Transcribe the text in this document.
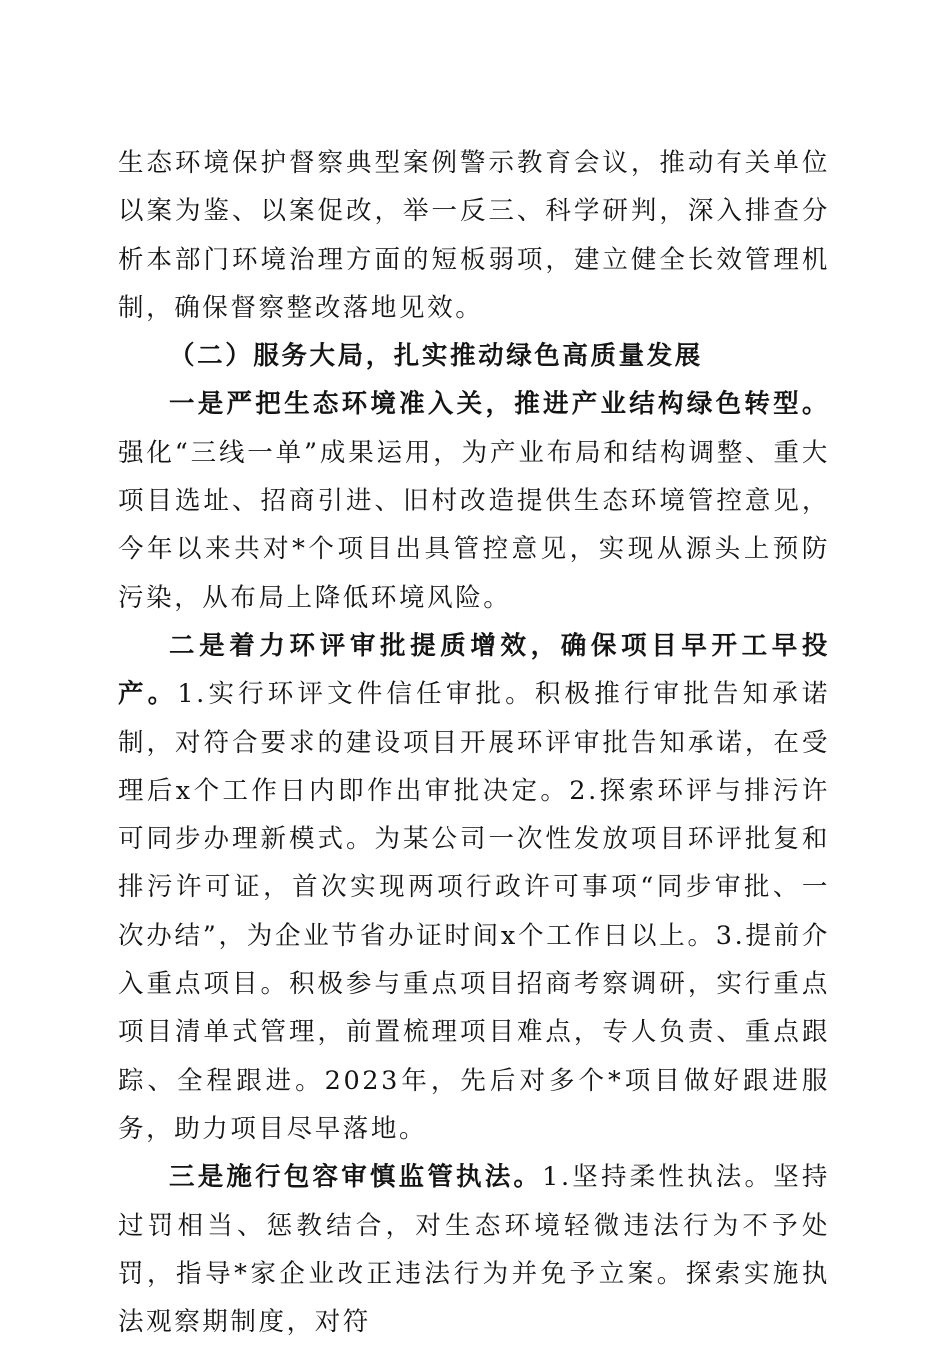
生态环境保护督察典型案例警示教育会议，推动有关单位以案为鉴、以案促改，举一反三、科学研判，深入排查分析本部门环境治理方面的短板弱项，建立健全长效管理机制，确保督察整改落地见效。

（二）服务大局，扎实推动绿色高质量发展

一是严把生态环境准入关，推进产业结构绿色转型。强化“三线一单”成果运用，为产业布局和结构调整、重大项目选址、招商引进、旧村改造提供生态环境管控意见，今年以来共对*个项目出具管控意见，实现从源头上预防污染，从布局上降低环境风险。

二是着力环评审批提质增效，确保项目早开工早投产。1.实行环评文件信任审批。积极推行审批告知承诺制，对符合要求的建设项目开展环评审批告知承诺，在受理后x个工作日内即作出审批决定。2.探索环评与排污许可同步办理新模式。为某公司一次性发放项目环评批复和排污许可证，首次实现两项行政许可事项“同步审批、一次办结”，为企业节省办证时间x个工作日以上。3.提前介入重点项目。积极参与重点项目招商考察调研，实行重点项目清单式管理，前置梳理项目难点，专人负责、重点跟踪、全程跟进。2023年，先后对多个*项目做好跟进服务，助力项目尽早落地。

三是施行包容审慎监管执法。1.坚持柔性执法。坚持过罚相当、惩教结合，对生态环境轻微违法行为不予处罚，指导*家企业改正违法行为并免予立案。探索实施执法观察期制度，对符
